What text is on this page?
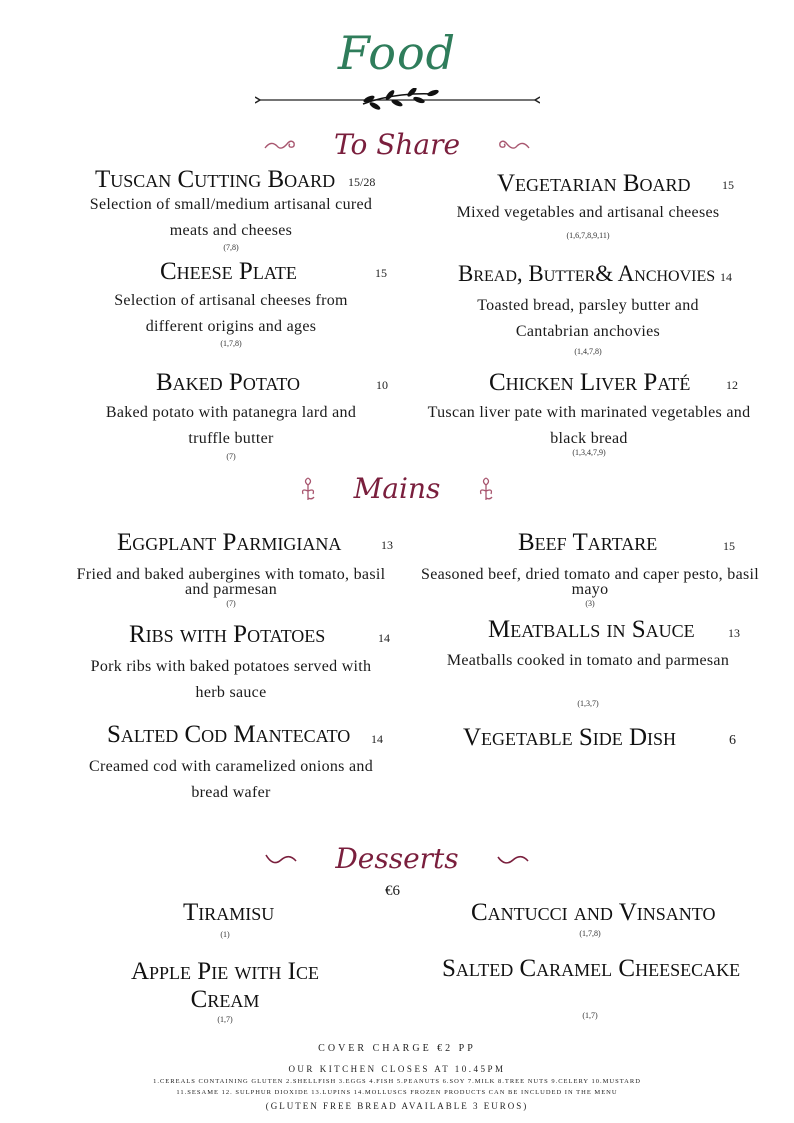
Food
To Share
Tuscan Cutting Board 15/28
Selection of small/medium artisanal cured meats and cheeses
(7,8)
Vegetarian Board	15
Mixed vegetables and artisanal cheeses
(1,6,7,8,9,11)
Cheese Plate	15
Selection of artisanal cheeses from different origins and ages
(1,7,8)
Bread, Butter& Anchovies 14
Toasted bread, parsley butter and Cantabrian anchovies
(1,4,7,8)
Baked Potato	10
Baked potato with patanegra lard and truffle butter
(7)
Chicken Liver Paté	12
Tuscan liver pate with marinated vegetables and black bread
(1,3,4,7,9)
Mains
Eggplant Parmigiana	13
Fried and baked aubergines with tomato, basil and parmesan
(7)
Beef Tartare	15
Seasoned beef, dried tomato and caper pesto, basil mayo
(3)
Ribs with Potatoes	14
Pork ribs with baked potatoes served with herb sauce
Meatballs in Sauce	13
Meatballs cooked in tomato and parmesan
(1,3,7)
Salted Cod Mantecato 14
Creamed cod with caramelized onions and bread wafer
Vegetable Side Dish	6
Desserts
€6
Tiramisu
(1)
Cantucci and Vinsanto
(1,7,8)
Apple Pie with Ice Cream
(1,7)
Salted Caramel Cheesecake
(1,7)
COVER CHARGE €2 PP
OUR KITCHEN CLOSES AT 10.45PM
1.CEREALS CONTAINING GLUTEN 2.SHELLFISH 3.EGGS 4.FISH 5.PEANUTS 6.SOY 7.MILK 8.TREE NUTS 9.CELERY 10.MUSTARD
11.SESAME 12. SULPHUR DIOXIDE 13.LUPINS 14.MOLLUSCS FROZEN PRODUCTS CAN BE INCLUDED IN THE MENU
(GLUTEN FREE BREAD AVAILABLE 3 EUROS)
